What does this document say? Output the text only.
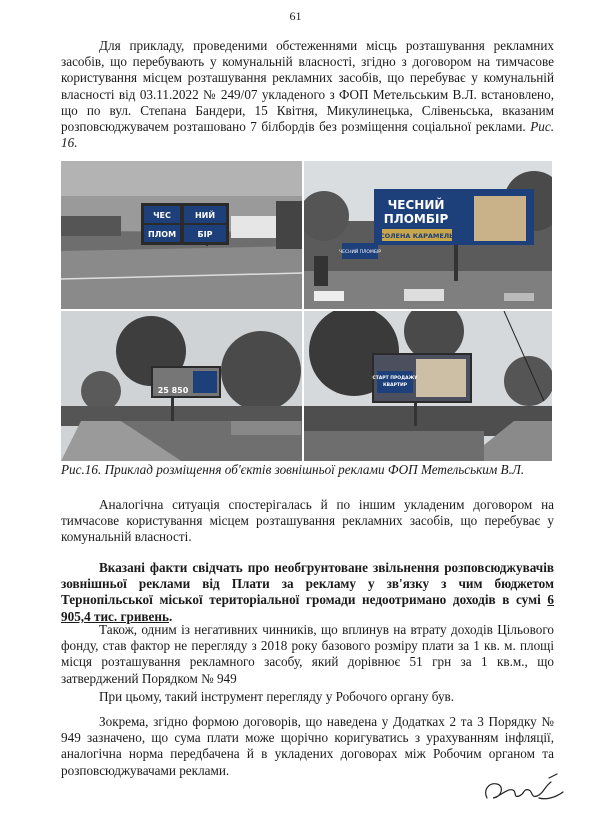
61

Для прикладу, проведеними обстеженнями місць розташування рекламних засобів, що перебувають у комунальній власності, згідно з договором на тимчасове користування місцем розташування рекламних засобів, що перебуває у комунальній власності від 03.11.2022 № 249/07 укладеного з ФОП Метельським В.Л. встановлено, що по вул. Степана Бандери, 15 Квітня, Микулинецька, Слівеньська, вказаним розповсюджувачем розташовано 7 білбордів без розміщення соціальної реклами. Рис. 16.

ЧЕС	НИЙ
ПЛОМ	БІР
ЧЕСНИЙ
ПЛОМБІР
СОЛЕНА КАРАМЕЛЬ
ЧЕСНИЙ ПЛОМБІР
25 850
СТАРТ ПРОДАЖУ
КВАРТИР
Рис.16. Приклад розміщення об'єктів зовнішньої реклами ФОП Метельським В.Л.

Аналогічна ситуація спостерігалась й по іншим укладеним договором на тимчасове користування місцем розташування рекламних засобів, що перебуває у комунальній власності.

Вказані факти свідчать про необгрунтоване звільнення розповсюджувачів зовнішньої реклами від Плати за рекламу у зв'язку з чим бюджетом Тернопільської міської територіальної громади недоотримано доходів в сумі 6 905,4 тис. гривень.

Також, одним із негативних чинників, що вплинув на втрату доходів Цільового фонду, став фактор не перегляду з 2018 року базового розміру плати за 1 кв. м. площі місця розташування рекламного засобу, який дорівнює 51 грн за 1 кв.м., що затверджений Порядком № 949

При цьому, такий інструмент перегляду у Робочого органу був.

Зокрема, згідно формою договорів, що наведена у Додатках 2 та 3 Порядку № 949 зазначено, що сума плати може щорічно коригуватись з урахуванням інфляції, аналогічна норма передбачена й в укладених договорах між Робочим органом та розповсюджувачами реклами.
